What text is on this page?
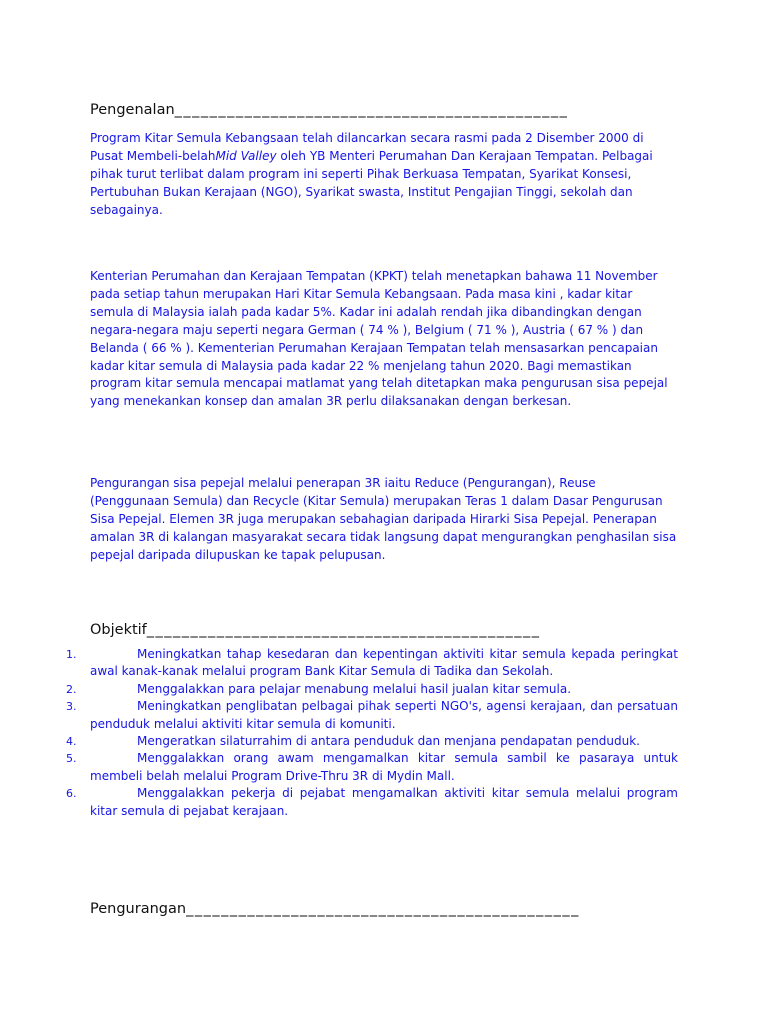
Pengenalan_____________________________________________

Program Kitar Semula Kebangsaan telah dilancarkan secara rasmi pada 2 Disember 2000 di Pusat Membeli-belahMid Valley oleh YB Menteri Perumahan Dan Kerajaan Tempatan. Pelbagai pihak turut terlibat dalam program ini seperti Pihak Berkuasa Tempatan, Syarikat Konsesi, Pertubuhan Bukan Kerajaan (NGO), Syarikat swasta, Institut Pengajian Tinggi, sekolah dan sebagainya.

Kenterian Perumahan dan Kerajaan Tempatan (KPKT) telah menetapkan bahawa 11 November pada setiap tahun merupakan Hari Kitar Semula Kebangsaan. Pada masa kini , kadar kitar semula di Malaysia ialah pada kadar 5%. Kadar ini adalah rendah jika dibandingkan dengan negara-negara maju seperti negara German ( 74 % ), Belgium ( 71 % ), Austria ( 67 % ) dan Belanda ( 66 % ). Kementerian Perumahan Kerajaan Tempatan telah mensasarkan pencapaian kadar kitar semula di Malaysia pada kadar 22 % menjelang tahun 2020. Bagi memastikan program kitar semula mencapai matlamat yang telah ditetapkan maka pengurusan sisa pepejal yang menekankan konsep dan amalan 3R perlu dilaksanakan dengan berkesan.

Pengurangan sisa pepejal melalui penerapan 3R iaitu Reduce (Pengurangan), Reuse (Penggunaan Semula) dan Recycle (Kitar Semula) merupakan Teras 1 dalam Dasar Pengurusan Sisa Pepejal. Elemen 3R juga merupakan sebahagian daripada Hirarki Sisa Pepejal. Penerapan amalan 3R di kalangan masyarakat secara tidak langsung dapat mengurangkan penghasilan sisa pepejal daripada dilupuskan ke tapak pelupusan.

Objektif_____________________________________________
1.	Meningkatkan tahap kesedaran dan kepentingan aktiviti kitar semula kepada peringkat awal kanak-kanak melalui program Bank Kitar Semula di Tadika dan Sekolah.
2.	Menggalakkan para pelajar menabung melalui hasil jualan kitar semula.
3.	Meningkatkan penglibatan pelbagai pihak seperti NGO's, agensi kerajaan, dan persatuan penduduk melalui aktiviti kitar semula di komuniti.
4.	Mengeratkan silaturrahim di antara penduduk dan menjana pendapatan penduduk.
5.	Menggalakkan orang awam mengamalkan kitar semula sambil ke pasaraya untuk membeli belah melalui Program Drive-Thru 3R di Mydin Mall.
6.	Menggalakkan pekerja di pejabat mengamalkan aktiviti kitar semula melalui program kitar semula di pejabat kerajaan.
Pengurangan_____________________________________________
